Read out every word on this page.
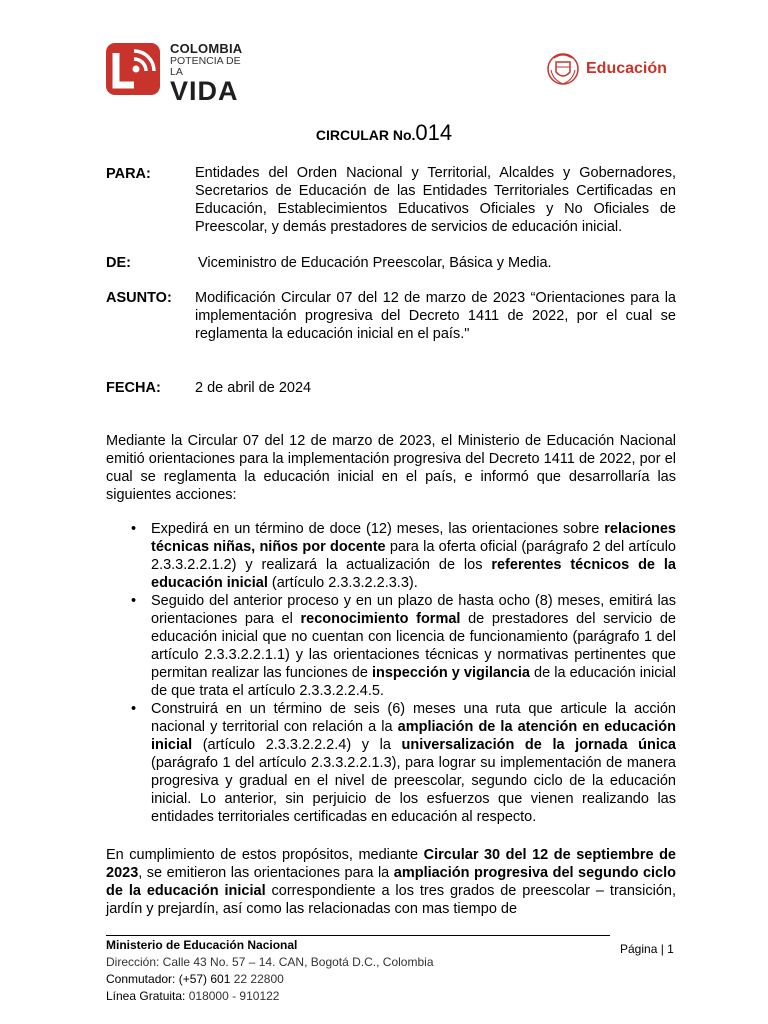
COLOMBIA
POTENCIA DE LA
VIDA
Educación
CIRCULAR No.014
PARA:	Entidades del Orden Nacional y Territorial, Alcaldes y Gobernadores, Secretarios de Educación de las Entidades Territoriales Certificadas en Educación, Establecimientos Educativos Oficiales y No Oficiales de Preescolar, y demás prestadores de servicios de educación inicial.
DE:	Viceministro de Educación Preescolar, Básica y Media.
ASUNTO: Modificación Circular 07 del 12 de marzo de 2023 “Orientaciones para la implementación progresiva del Decreto 1411 de 2022, por el cual se reglamenta la educación inicial en el país."
FECHA: 2 de abril de 2024
Mediante la Circular 07 del 12 de marzo de 2023, el Ministerio de Educación Nacional emitió orientaciones para la implementación progresiva del Decreto 1411 de 2022, por el cual se reglamenta la educación inicial en el país, e informó que desarrollaría las siguientes acciones:
• Expedirá en un término de doce (12) meses, las orientaciones sobre relaciones técnicas niñas, niños por docente para la oferta oficial (parágrafo 2 del artículo 2.3.3.2.2.1.2) y realizará la actualización de los referentes técnicos de la educación inicial (artículo 2.3.3.2.2.3.3).
• Seguido del anterior proceso y en un plazo de hasta ocho (8) meses, emitirá las orientaciones para el reconocimiento formal de prestadores del servicio de educación inicial que no cuentan con licencia de funcionamiento (parágrafo 1 del artículo 2.3.3.2.2.1.1) y las orientaciones técnicas y normativas pertinentes que permitan realizar las funciones de inspección y vigilancia de la educación inicial de que trata el artículo 2.3.3.2.2.4.5.
• Construirá en un término de seis (6) meses una ruta que articule la acción nacional y territorial con relación a la ampliación de la atención en educación inicial (artículo 2.3.3.2.2.2.4) y la universalización de la jornada única (parágrafo 1 del artículo 2.3.3.2.2.1.3), para lograr su implementación de manera progresiva y gradual en el nivel de preescolar, segundo ciclo de la educación inicial. Lo anterior, sin perjuicio de los esfuerzos que vienen realizando las entidades territoriales certificadas en educación al respecto.
En cumplimiento de estos propósitos, mediante Circular 30 del 12 de septiembre de 2023, se emitieron las orientaciones para la ampliación progresiva del segundo ciclo de la educación inicial correspondiente a los tres grados de preescolar – transición, jardín y prejardín, así como las relacionadas con mas tiempo de
Ministerio de Educación Nacional
Dirección: Calle 43 No. 57 – 14. CAN, Bogotá D.C., Colombia
Conmutador: (+57) 601 22 22800
Línea Gratuita: 018000 - 910122
Página | 1
